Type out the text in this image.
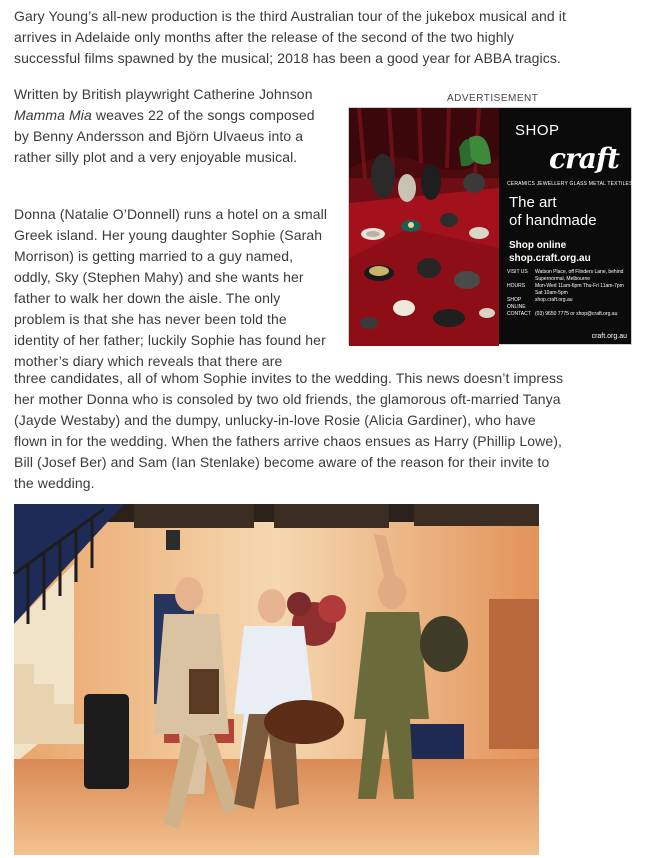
Gary Young’s all-new production is the third Australian tour of the jukebox musical and it arrives in Adelaide only months after the release of the second of the two highly successful films spawned by the musical; 2018 has been a good year for ABBA tragics.

Written by British playwright Catherine Johnson Mamma Mia weaves 22 of the songs composed by Benny Andersson and Björn Ulvaeus into a rather silly plot and a very enjoyable musical.

ADVERTISEMENT
SHOP
craft
CERAMICS JEWELLERY GLASS METAL TEXTILES WOOD
The art
of handmade
Shop online
shop.craft.org.au
VISIT US	Watson Place, off Flinders Lane, behind Supernormal, Melbourne
HOURS	Mon-Wed 11am-6pm Thu-Fri 11am-7pm Sat 10am-5pm
SHOP ONLINE
shop.craft.org.au
CONTACT (03) 9650 7775 or shop@craft.org.au
craft.org.au

Donna (Natalie O’Donnell) runs a hotel on a small Greek island. Her young daughter Sophie (Sarah Morrison) is getting married to a guy named, oddly, Sky (Stephen Mahy) and she wants her father to walk her down the aisle. The only problem is that she has never been told the identity of her father; luckily Sophie has found her mother’s diary which reveals that there are

three candidates, all of whom Sophie invites to the wedding. This news doesn’t impress her mother Donna who is consoled by two old friends, the glamorous oft-married Tanya (Jayde Westaby) and the dumpy, unlucky-in-love Rosie (Alicia Gardiner), who have flown in for the wedding. When the fathers arrive chaos ensues as Harry (Phillip Lowe), Bill (Josef Ber) and Sam (Ian Stenlake) become aware of the reason for their invite to the wedding.
